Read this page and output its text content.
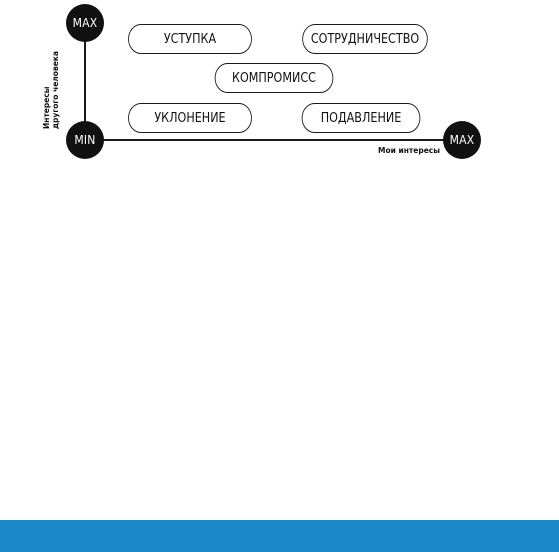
MAX
MIN	MAX
УСТУПКА	СОТРУДНИЧЕСТВО
КОМПРОМИСС
УКЛОНЕНИЕ	ПОДАВЛЕНИЕ
Интересы другого человека
Мои интересы
